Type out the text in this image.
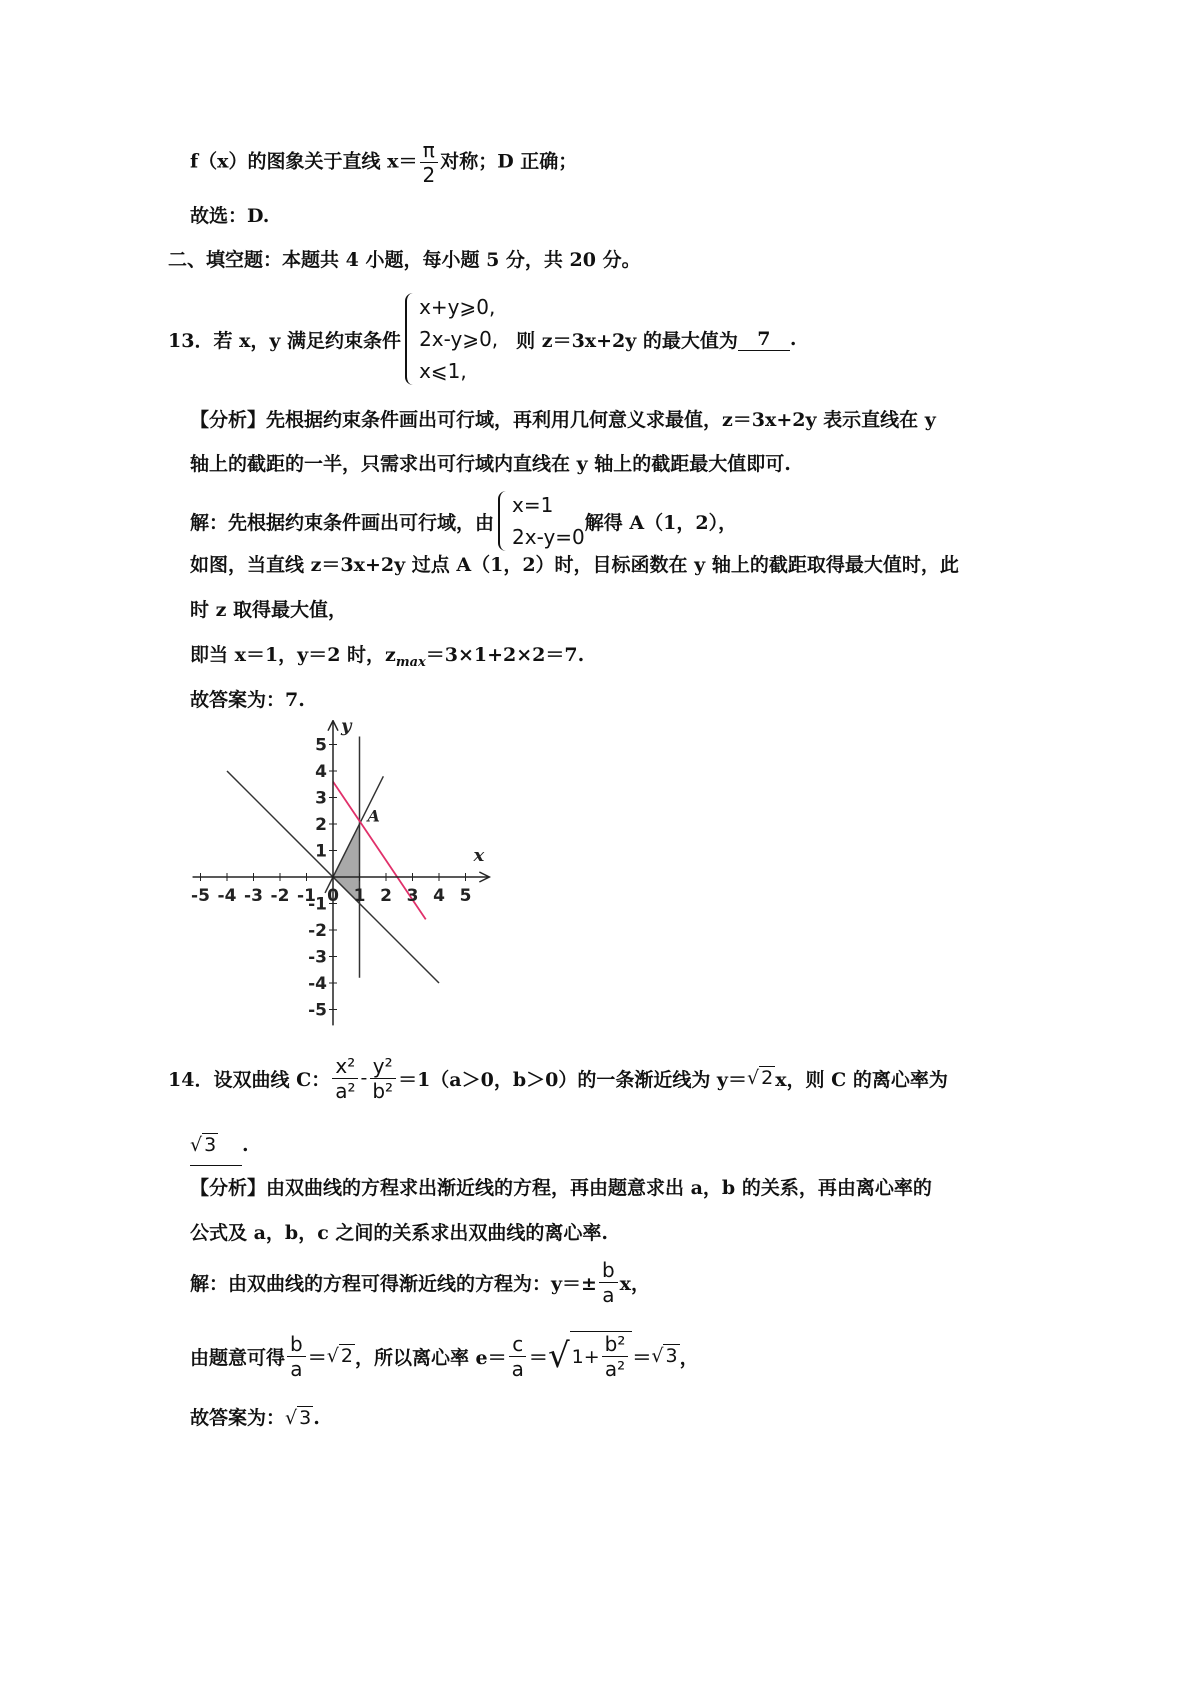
f（x）的图象关于直线 $x= \frac{\pi}{2}$ 对称；D 正确；
故选：D.
二、填空题：本题共 4 小题，每小题 5 分，共 20 分。
13． 若 x，y 满足约束条件
x+y⩾0,
2x-y⩾0,
x⩽1,
则 z＝3x+2y 的最大值为	7	.
【分析】先根据约束条件画出可行域，再利用几何意义求最值，z＝3x+2y 表示直线在 y
轴上的截距的一半，只需求出可行域内直线在 y 轴上的截距最大值即可.
解：先根据约束条件画出可行域，由
x=1
2x-y=0
解得 A（1，2），
如图，当直线 z＝3x+2y 过点 A（1，2）时，目标函数在 y 轴上的截距取得最大值时，此
时 z 取得最大值，
即当 x＝1，y＝2 时，$z_{max}=3\times 1+2\times 2=7$.
故答案为：7.
-5 -4 -3 -2 -1 0 1 2 3 4 5
5
4
3
2
1
-1
-2
-3
-4
-5
x
y
A
14． 设双曲线 C： $\frac{\text{x²}}{\text{a²}} - \frac{\text{y²}}{\text{b²}} =1(a>0$，b＞0）的一条渐近线为 y＝ √ 2 x，则 C 的离心率为
√ 3 .
【分析】由双曲线的方程求出渐近线的方程，再由题意求出 a，b 的关系，再由离心率的
公式及 a，b，c 之间的关系求出双曲线的离心率.
解：由双曲线的方程可得渐近线的方程为：$y=\pm \frac{b}{a}$ x，
由题意可得 $\frac{b}{a}$ ＝ √ 2 ，所以离心率 $e= \frac{c}{a}$ ＝ √ $1+ \frac{\text{b²}}{\text{a²}}$ ＝ √ 3 ，
故答案为：√ 3 .
